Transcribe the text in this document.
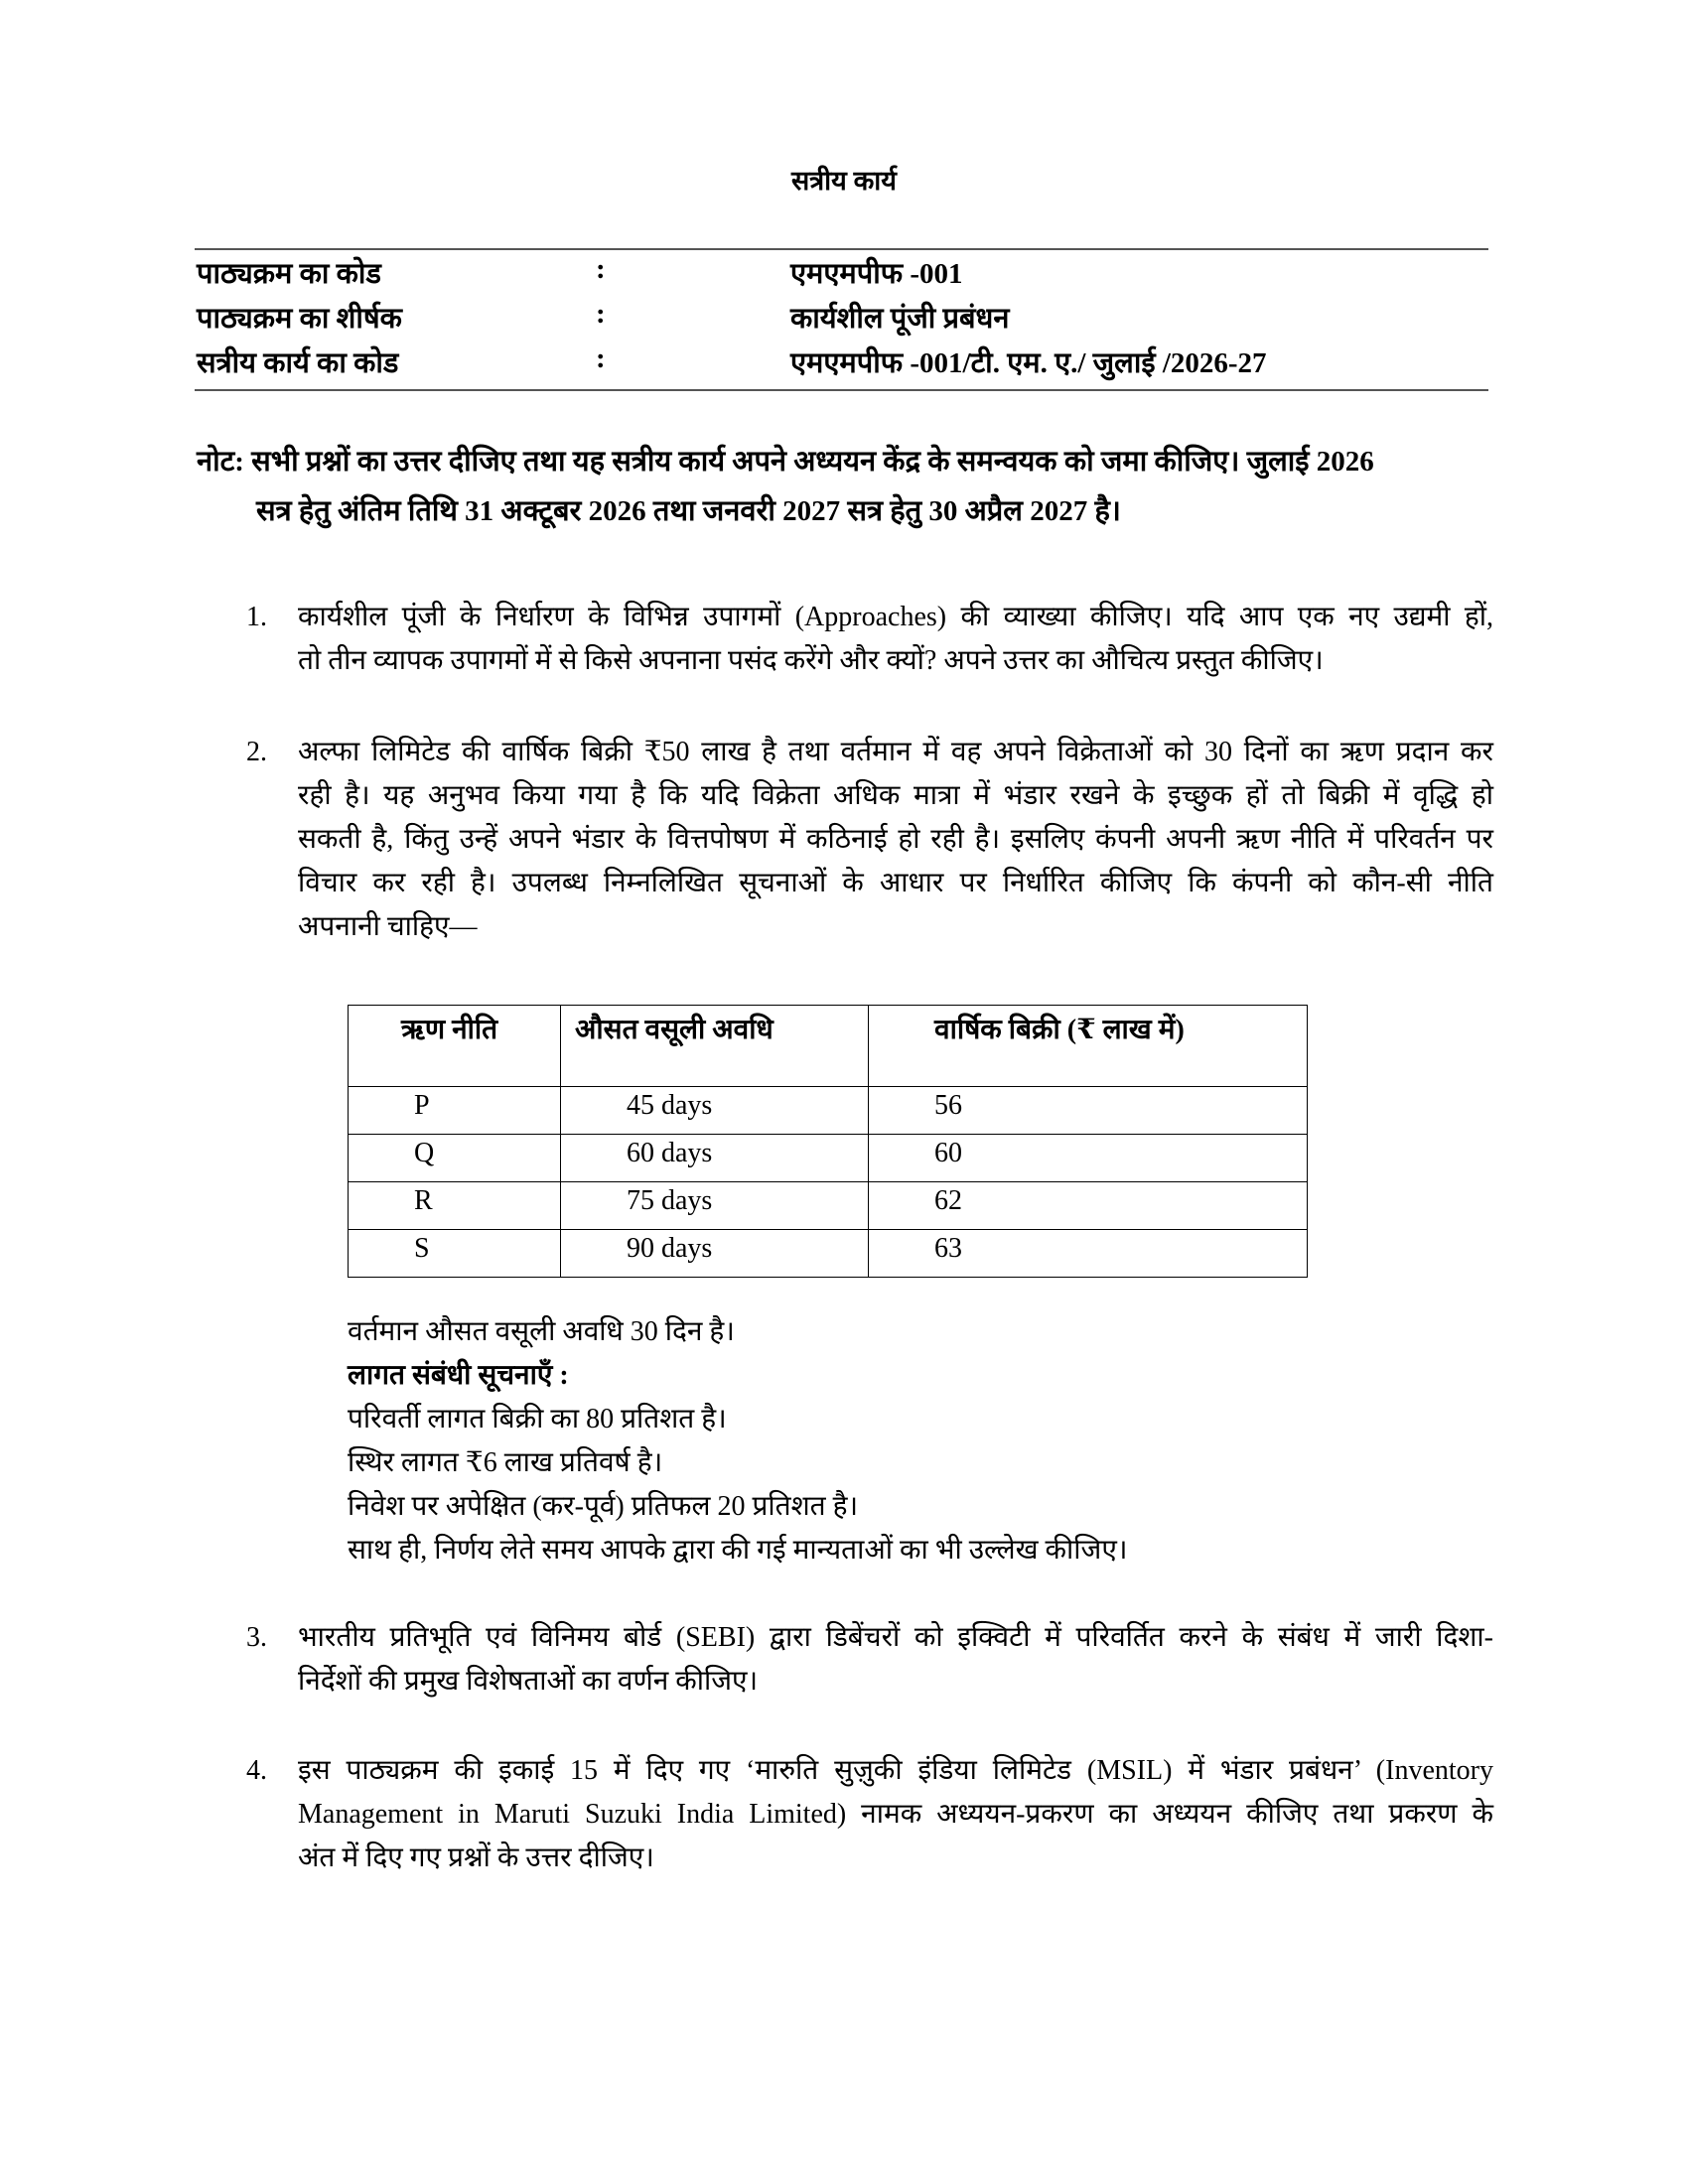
सत्रीय कार्य
पाठ्यक्रम का कोड	:	एमएमपीफ -001
पाठ्यक्रम का शीर्षक	:	कार्यशील पूंजी प्रबंधन
सत्रीय कार्य का कोड	:	एमएमपीफ -001/टी. एम. ए./ जुलाई /2026-27
नोट: सभी प्रश्नों का उत्तर दीजिए तथा यह सत्रीय कार्य अपने अध्ययन केंद्र के समन्वयक को जमा कीजिए। जुलाई 2026
सत्र हेतु अंतिम तिथि 31 अक्टूबर 2026 तथा जनवरी 2027 सत्र हेतु 30 अप्रैल 2027 है।
1. कार्यशील पूंजी के निर्धारण के विभिन्न उपागमों (Approaches) की व्याख्या कीजिए। यदि आप एक नए उद्यमी हों,
तो तीन व्यापक उपागमों में से किसे अपनाना पसंद करेंगे और क्यों? अपने उत्तर का औचित्य प्रस्तुत कीजिए।
2. अल्फा लिमिटेड की वार्षिक बिक्री ₹50 लाख है तथा वर्तमान में वह अपने विक्रेताओं को 30 दिनों का ऋण प्रदान कर
रही है। यह अनुभव किया गया है कि यदि विक्रेता अधिक मात्रा में भंडार रखने के इच्छुक हों तो बिक्री में वृद्धि हो
सकती है, किंतु उन्हें अपने भंडार के वित्तपोषण में कठिनाई हो रही है। इसलिए कंपनी अपनी ऋण नीति में परिवर्तन पर
विचार कर रही है। उपलब्ध निम्नलिखित सूचनाओं के आधार पर निर्धारित कीजिए कि कंपनी को कौन-सी नीति
अपनानी चाहिए—
ऋण नीति	औसत वसूली अवधि	वार्षिक बिक्री (₹ लाख में)
P	45 days	56
Q	60 days	60
R	75 days	62
S	90 days	63
वर्तमान औसत वसूली अवधि 30 दिन है।
लागत संबंधी सूचनाएँ :
परिवर्ती लागत बिक्री का 80 प्रतिशत है।
स्थिर लागत ₹6 लाख प्रतिवर्ष है।
निवेश पर अपेक्षित (कर-पूर्व) प्रतिफल 20 प्रतिशत है।
साथ ही, निर्णय लेते समय आपके द्वारा की गई मान्यताओं का भी उल्लेख कीजिए।
3. भारतीय प्रतिभूति एवं विनिमय बोर्ड (SEBI) द्वारा डिबेंचरों को इक्विटी में परिवर्तित करने के संबंध में जारी दिशा-
निर्देशों की प्रमुख विशेषताओं का वर्णन कीजिए।
4. इस पाठ्यक्रम की इकाई 15 में दिए गए ‘मारुति सुज़ुकी इंडिया लिमिटेड (MSIL) में भंडार प्रबंधन’ (Inventory
Management in Maruti Suzuki India Limited) नामक अध्ययन-प्रकरण का अध्ययन कीजिए तथा प्रकरण के
अंत में दिए गए प्रश्नों के उत्तर दीजिए।
